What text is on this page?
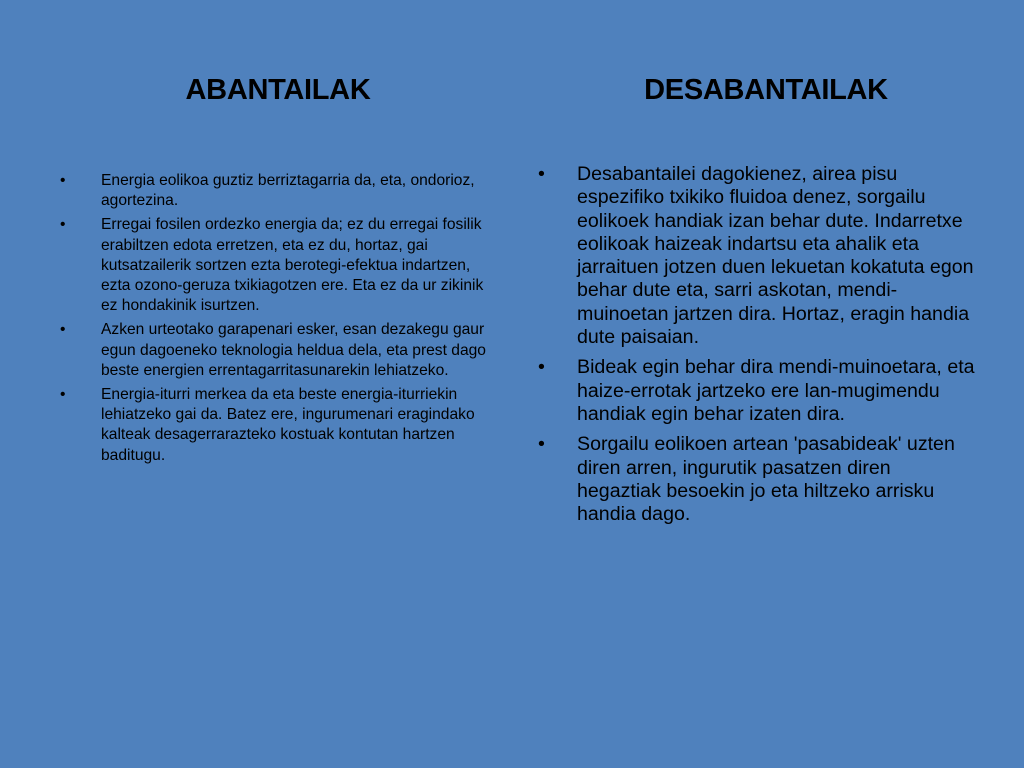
ABANTAILAK
• Energia eolikoa guztiz berriztagarria da, eta, ondorioz, agortezina.
• Erregai fosilen ordezko energia da; ez du erregai fosilik erabiltzen edota erretzen, eta ez du, hortaz, gai kutsatzailerik sortzen ezta berotegi-efektua indartzen, ezta ozono-geruza txikiagotzen ere. Eta ez da ur zikinik ez hondakinik isurtzen.
• Azken urteotako garapenari esker, esan dezakegu gaur egun dagoeneko teknologia heldua dela, eta prest dago beste energien errentagarritasunarekin lehiatzeko.
• Energia-iturri merkea da eta beste energia-iturriekin lehiatzeko gai da. Batez ere, ingurumenari eragindako kalteak desagerrarazteko kostuak kontutan hartzen baditugu.
DESABANTAILAK
• Desabantailei dagokienez, airea pisu espezifiko txikiko fluidoa denez, sorgailu eolikoek handiak izan behar dute. Indarretxe eolikoak haizeak indartsu eta ahalik eta jarraituen jotzen duen lekuetan kokatuta egon behar dute eta, sarri askotan, mendi-muinoetan jartzen dira. Hortaz, eragin handia dute paisaian.
• Bideak egin behar dira mendi-muinoetara, eta haize-errotak jartzeko ere lan-mugimendu handiak egin behar izaten dira.
• Sorgailu eolikoen artean 'pasabideak' uzten diren arren, ingurutik pasatzen diren hegaztiak besoekin jo eta hiltzeko arrisku handia dago.
